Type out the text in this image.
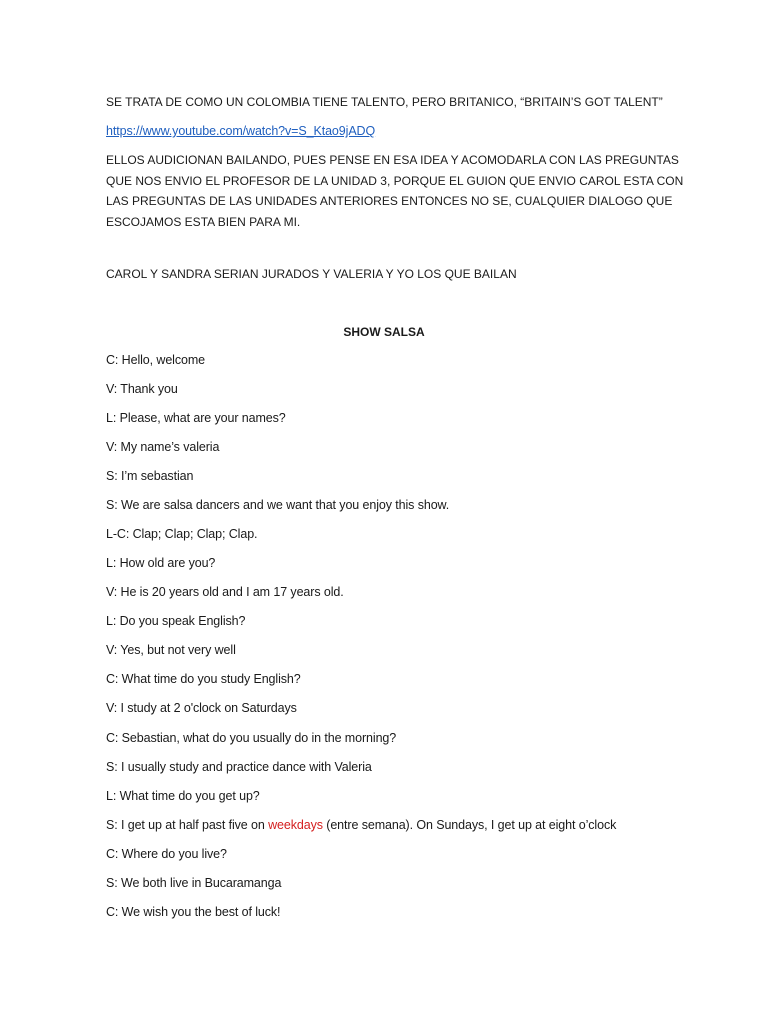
SE TRATA DE COMO UN COLOMBIA TIENE TALENTO, PERO BRITANICO, “BRITAIN’S GOT TALENT”

https://www.youtube.com/watch?v=S_Ktao9jADQ

ELLOS AUDICIONAN BAILANDO, PUES PENSE EN ESA IDEA Y ACOMODARLA CON LAS PREGUNTAS
QUE NOS ENVIO EL PROFESOR DE LA UNIDAD 3, PORQUE EL GUION QUE ENVIO CAROL ESTA CON
LAS PREGUNTAS DE LAS UNIDADES ANTERIORES ENTONCES NO SE, CUALQUIER DIALOGO QUE
ESCOJAMOS ESTA BIEN PARA MI.

CAROL Y SANDRA SERIAN JURADOS Y VALERIA Y YO LOS QUE BAILAN

SHOW SALSA

C: Hello, welcome

V: Thank you

L: Please, what are your names?

V: My name’s valeria

S: I’m sebastian

S: We are salsa dancers and we want that you enjoy this show.

L-C: Clap; Clap; Clap; Clap.

L: How old are you?

V: He is 20 years old and I am 17 years old.

L: Do you speak English?

V: Yes, but not very well

C: What time do you study English?

V: I study at 2 o'clock on Saturdays

C: Sebastian, what do you usually do in the morning?

S: I usually study and practice dance with Valeria

L: What time do you get up?

S: I get up at half past five on weekdays (entre semana). On Sundays, I get up at eight o’clock

C: Where do you live?

S: We both live in Bucaramanga

C: We wish you the best of luck!
